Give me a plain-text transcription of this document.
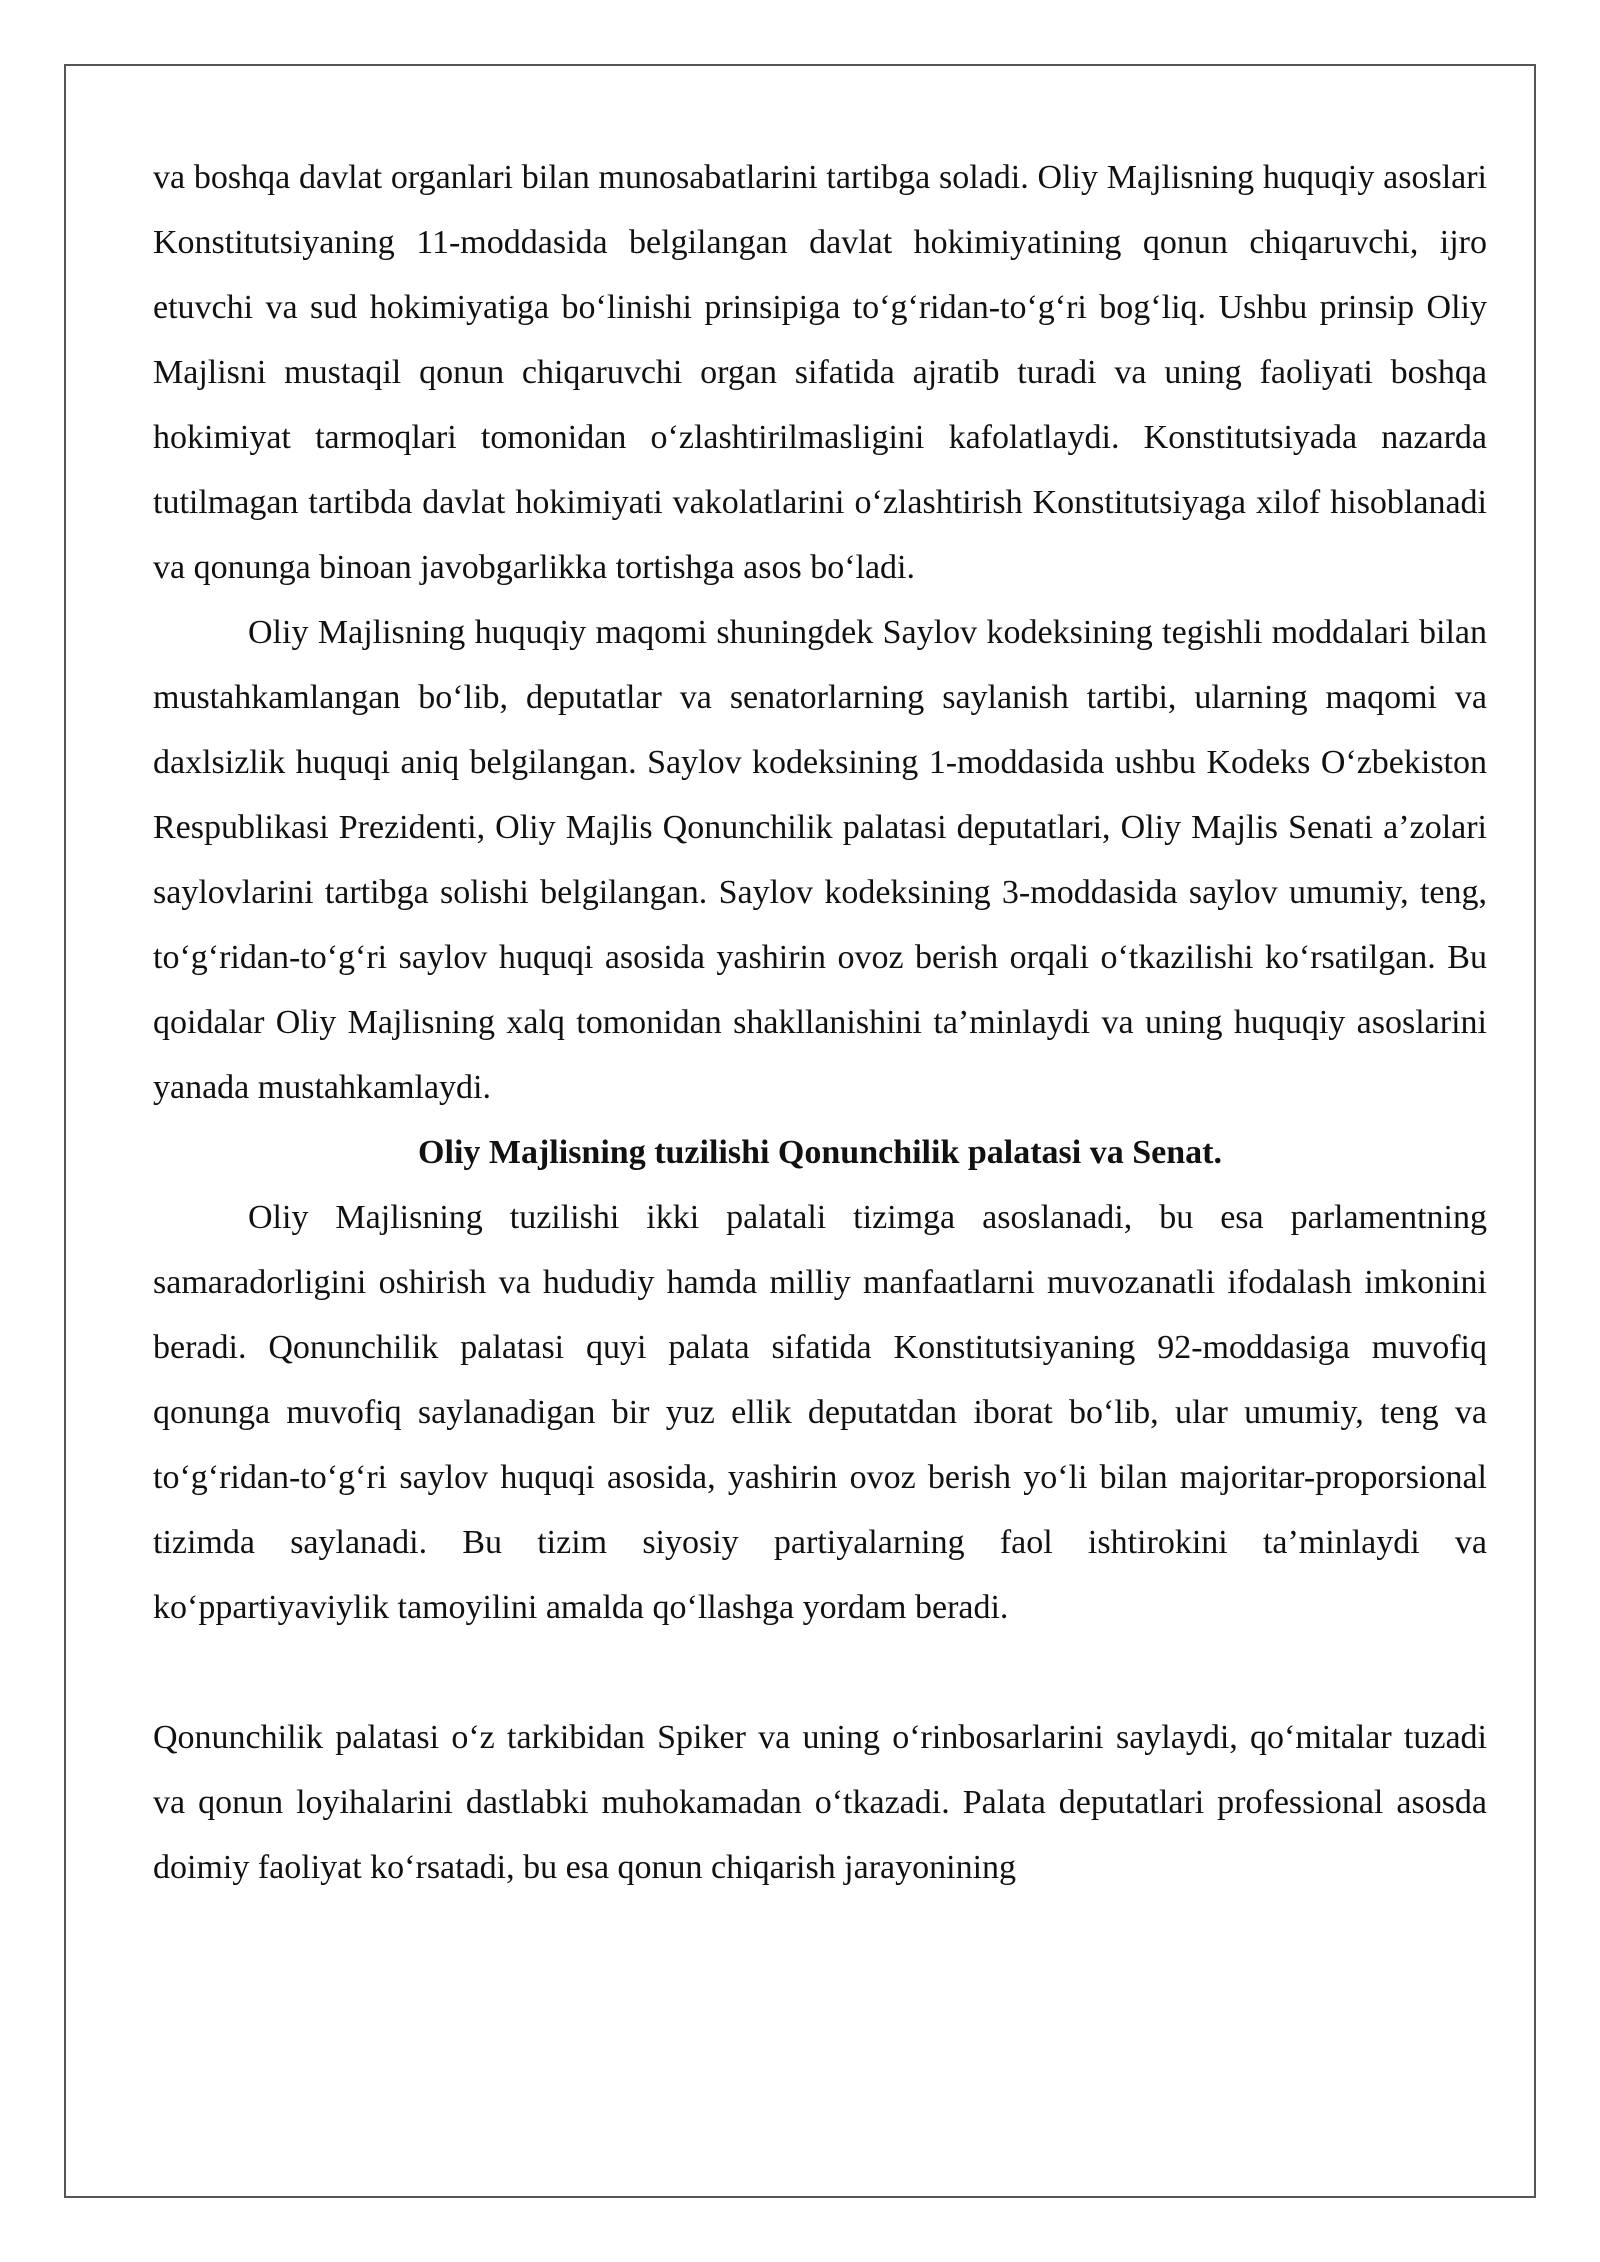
va boshqa davlat organlari bilan munosabatlarini tartibga soladi. Oliy Majlisning huquqiy asoslari Konstitutsiyaning 11-moddasida belgilangan davlat hokimiyatining qonun chiqaruvchi, ijro etuvchi va sud hokimiyatiga boʻlinishi prinsipiga toʻgʻridan-toʻgʻri bogʻliq. Ushbu prinsip Oliy Majlisni mustaqil qonun chiqaruvchi organ sifatida ajratib turadi va uning faoliyati boshqa hokimiyat tarmoqlari tomonidan oʻzlashtirilmasligini kafolatlaydi. Konstitutsiyada nazarda tutilmagan tartibda davlat hokimiyati vakolatlarini oʻzlashtirish Konstitutsiyaga xilof hisoblanadi va qonunga binoan javobgarlikka tortishga asos boʻladi.

Oliy Majlisning huquqiy maqomi shuningdek Saylov kodeksining tegishli moddalari bilan mustahkamlangan boʻlib, deputatlar va senatorlarning saylanish tartibi, ularning maqomi va daxlsizlik huquqi aniq belgilangan. Saylov kodeksining 1-moddasida ushbu Kodeks Oʻzbekiston Respublikasi Prezidenti, Oliy Majlis Qonunchilik palatasi deputatlari, Oliy Majlis Senati a’zolari saylovlarini tartibga solishi belgilangan. Saylov kodeksining 3-moddasida saylov umumiy, teng, toʻgʻridan-toʻgʻri saylov huquqi asosida yashirin ovoz berish orqali oʻtkazilishi koʻrsatilgan. Bu qoidalar Oliy Majlisning xalq tomonidan shakllanishini ta’minlaydi va uning huquqiy asoslarini yanada mustahkamlaydi.

Oliy Majlisning tuzilishi Qonunchilik palatasi va Senat.

Oliy Majlisning tuzilishi ikki palatali tizimga asoslanadi, bu esa parlamentning samaradorligini oshirish va hududiy hamda milliy manfaatlarni muvozanatli ifodalash imkonini beradi. Qonunchilik palatasi quyi palata sifatida Konstitutsiyaning 92-moddasiga muvofiq qonunga muvofiq saylanadigan bir yuz ellik deputatdan iborat boʻlib, ular umumiy, teng va toʻgʻridan-toʻgʻri saylov huquqi asosida, yashirin ovoz berish yoʻli bilan majoritar-proporsional tizimda saylanadi. Bu tizim siyosiy partiyalarning faol ishtirokini ta’minlaydi va koʻppartiyaviylik tamoyilini amalda qoʻllashga yordam beradi.

Qonunchilik palatasi oʻz tarkibidan Spiker va uning oʻrinbosarlarini saylaydi, qoʻmitalar tuzadi va qonun loyihalarini dastlabki muhokamadan oʻtkazadi. Palata deputatlari professional asosda doimiy faoliyat koʻrsatadi, bu esa qonun chiqarish jarayonining
